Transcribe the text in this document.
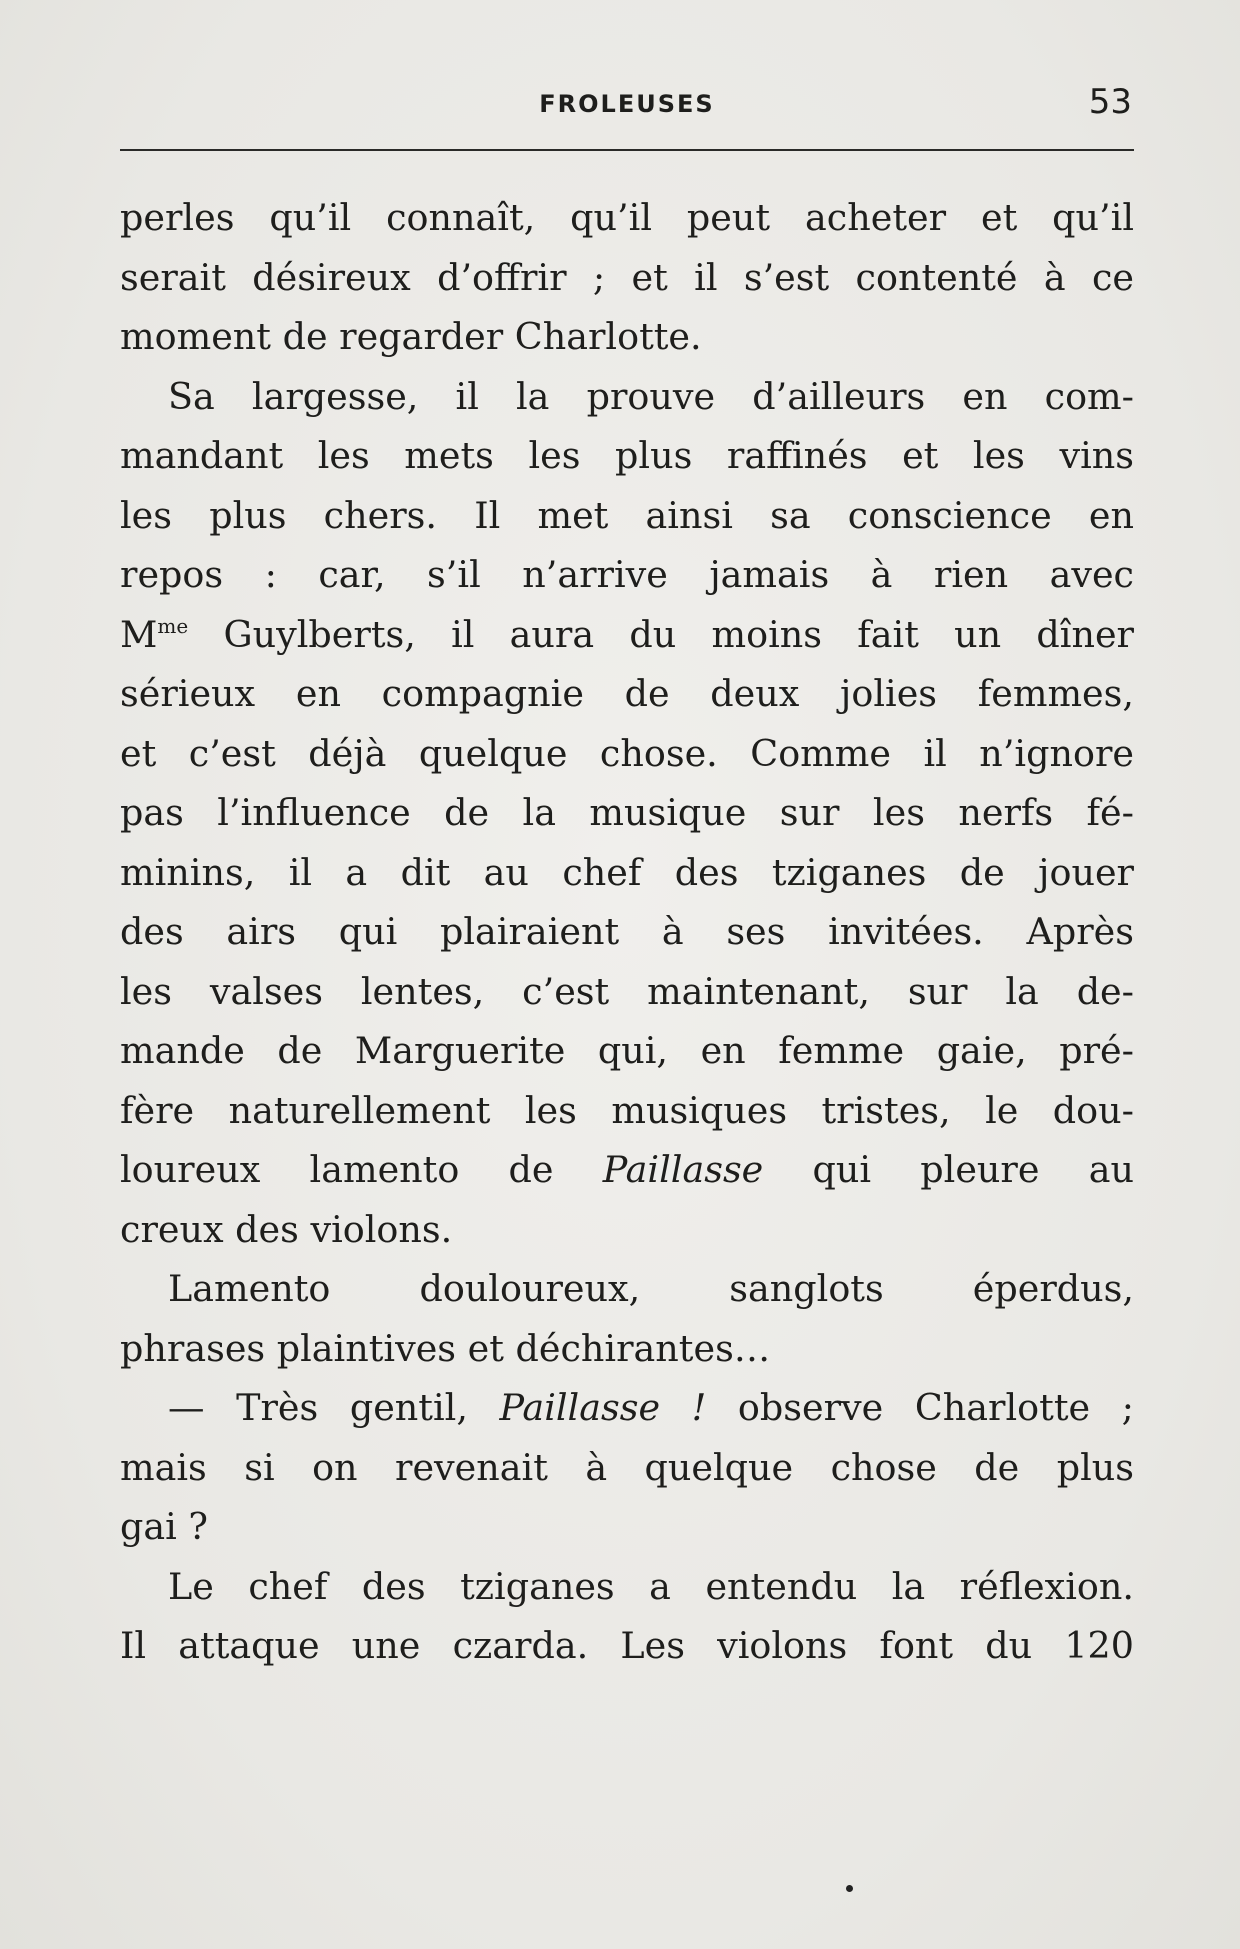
FROLEUSES	53
perles qu’il connaît, qu’il peut acheter et qu’il
serait désireux d’offrir ; et il s’est contenté à ce
moment de regarder Charlotte.
Sa largesse, il la prouve d’ailleurs en com-
mandant les mets les plus raffinés et les vins
les plus chers. Il met ainsi sa conscience en
repos : car, s’il n’arrive jamais à rien avec
$M^{me}$ Guylberts, il aura du moins fait un dîner
sérieux en compagnie de deux jolies femmes,
et c’est déjà quelque chose. Comme il n’ignore
pas l’influence de la musique sur les nerfs fé-
minins, il a dit au chef des tziganes de jouer
des airs qui plairaient à ses invitées. Après
les valses lentes, c’est maintenant, sur la de-
mande de Marguerite qui, en femme gaie, pré-
fère naturellement les musiques tristes, le dou-
loureux lamento de Paillasse qui pleure au
creux des violons.
Lamento douloureux, sanglots éperdus,
phrases plaintives et déchirantes…
— Très gentil, Paillasse ! observe Charlotte ;
mais si on revenait à quelque chose de plus
gai ?
Le chef des tziganes a entendu la réflexion.
Il attaque une czarda. Les violons font du 120
